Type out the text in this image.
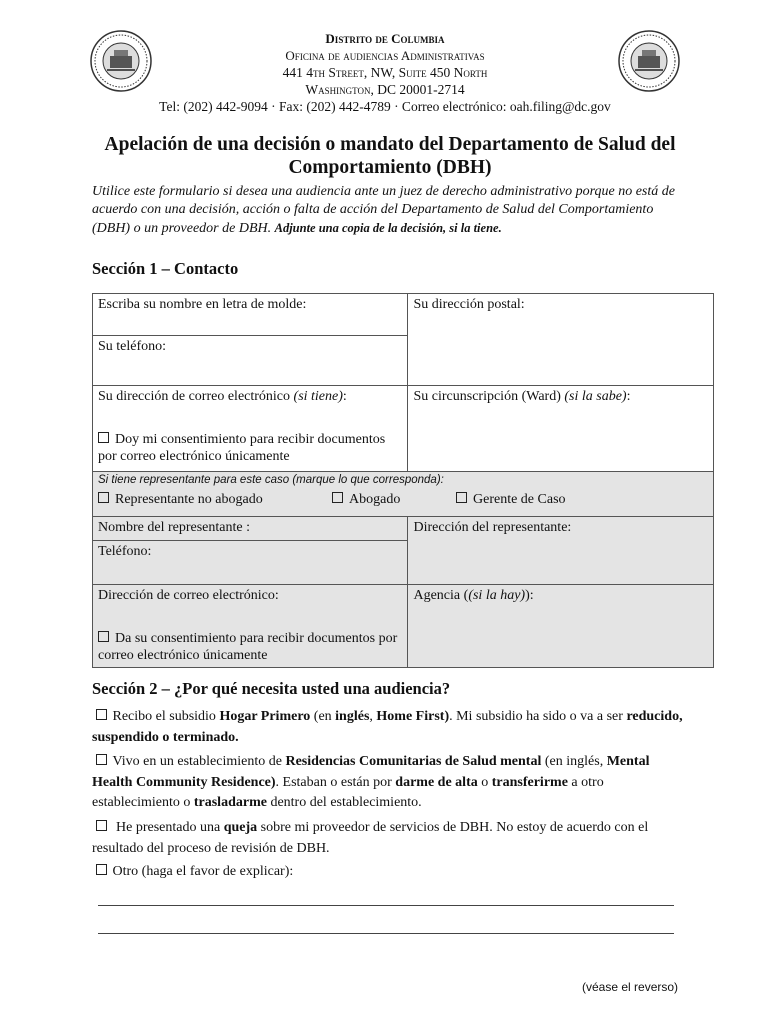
Distrito de Columbia
Oficina de audiencias Administrativas
441 4th Street, NW, Suite 450 North
Washington, DC 20001-2714
Tel: (202) 442-9094 · Fax: (202) 442-4789 · Correo electrónico: oah.filing@dc.gov
Apelación de una decisión o mandato del Departamento de Salud del Comportamiento (DBH)
Utilice este formulario si desea una audiencia ante un juez de derecho administrativo porque no está de acuerdo con una decisión, acción o falta de acción del Departamento de Salud del Comportamiento (DBH) o un proveedor de DBH. Adjunte una copia de la decisión, si la tiene.
Sección 1 – Contacto
Escriba su nombre en letra de molde:	Su dirección postal:
Su teléfono:	
Su dirección de correo electrónico (si tiene):
Doy mi consentimiento para recibir documentos por correo electrónico únicamente	Su circunscripción (Ward) (si la sabe):

Si tiene representante para este caso (marque lo que corresponda):
Representante no abogado Abogado Gerente de Caso	

Nombre del representante :	Dirección del representante:
Teléfono:	
Dirección de correo electrónico:
Da su consentimiento para recibir documentos por correo electrónico únicamente	Agencia ((si la hay)):
Sección 2 – ¿Por qué necesita usted una audiencia?
Recibo el subsidio Hogar Primero (en inglés, Home First). Mi subsidio ha sido o va a ser reducido, suspendido o terminado.
Vivo en un establecimiento de Residencias Comunitarias de Salud mental (en inglés, Mental Health Community Residence). Estaban o están por darme de alta o transferirme a otro establecimiento o trasladarme dentro del establecimiento.
He presentado una queja sobre mi proveedor de servicios de DBH. No estoy de acuerdo con el resultado del proceso de revisión de DBH.
Otro (haga el favor de explicar):
(véase el reverso)
